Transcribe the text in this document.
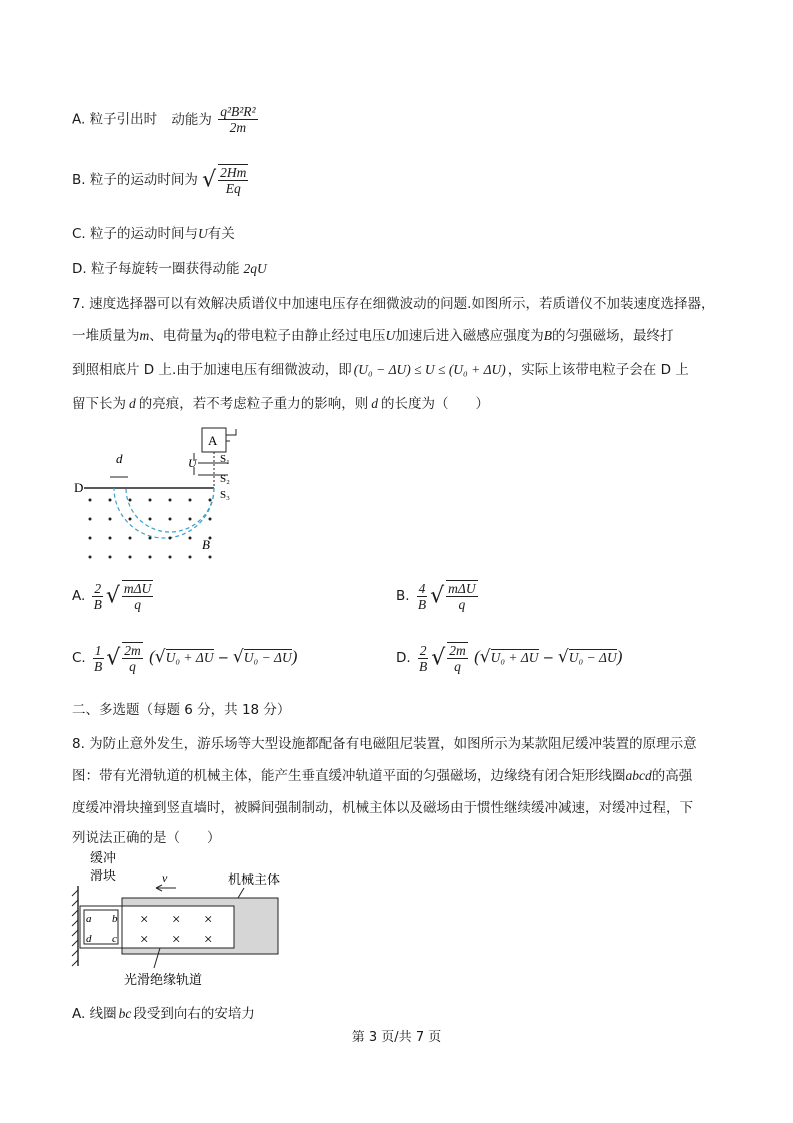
A. 粒子引出时 动能为 $\frac{\text{q²B²R²}}{2m}$
B. 粒子的运动时间为 √ $\frac{2Hm}{Eq}$
C. 粒子的运动时间与U有关
D. 粒子每旋转一圈获得动能 2qU
7. 速度选择器可以有效解决质谱仪中加速电压存在细微波动的问题.如图所示，若质谱仪不加装速度选择器，
一堆质量为m、电荷量为q的带电粒子由静止经过电压U加速后进入磁感应强度为B的匀强磁场，最终打
到照相底片 D 上.由于加速电压有细微波动，即 (U₀ − ΔU) ≤ U ≤ (U₀ + ΔU) ，实际上该带电粒子会在 D 上
留下长为 d 的亮痕，若不考虑粒子重力的影响，则 d 的长度为（　　）
A
S₁
S₂
S₃
U
D
d
B
A. $\frac{2}{B}$ √ $\frac{\text{mΔU}}{q}$	B. $\frac{4}{B}$ √ $\frac{\text{mΔU}}{q}$
C. $\frac{1}{B}$ √ $\frac{2m}{q} (√U_0 + \Delta U - √U_0 - \Delta U)$	D. $\frac{2}{B}$ √ $\frac{2m}{q} (√U_0 + \Delta U - √U_0 - \Delta U)$
二、多选题（每题 6 分，共 18 分）
8. 为防止意外发生，游乐场等大型设施都配备有电磁阻尼装置，如图所示为某款阻尼缓冲装置的原理示意
图：带有光滑轨道的机械主体，能产生垂直缓冲轨道平面的匀强磁场，边缘绕有闭合矩形线圈abcd的高强
度缓冲滑块撞到竖直墙时，被瞬间强制制动，机械主体以及磁场由于惯性继续缓冲减速，对缓冲过程，下
列说法正确的是（　　）
缓冲
滑块
a b
d c
v
× × ×
× × ×
机械主体
光滑绝缘轨道
A. 线圈 bc 段受到向右的安培力
第 3 页/共 7 页
